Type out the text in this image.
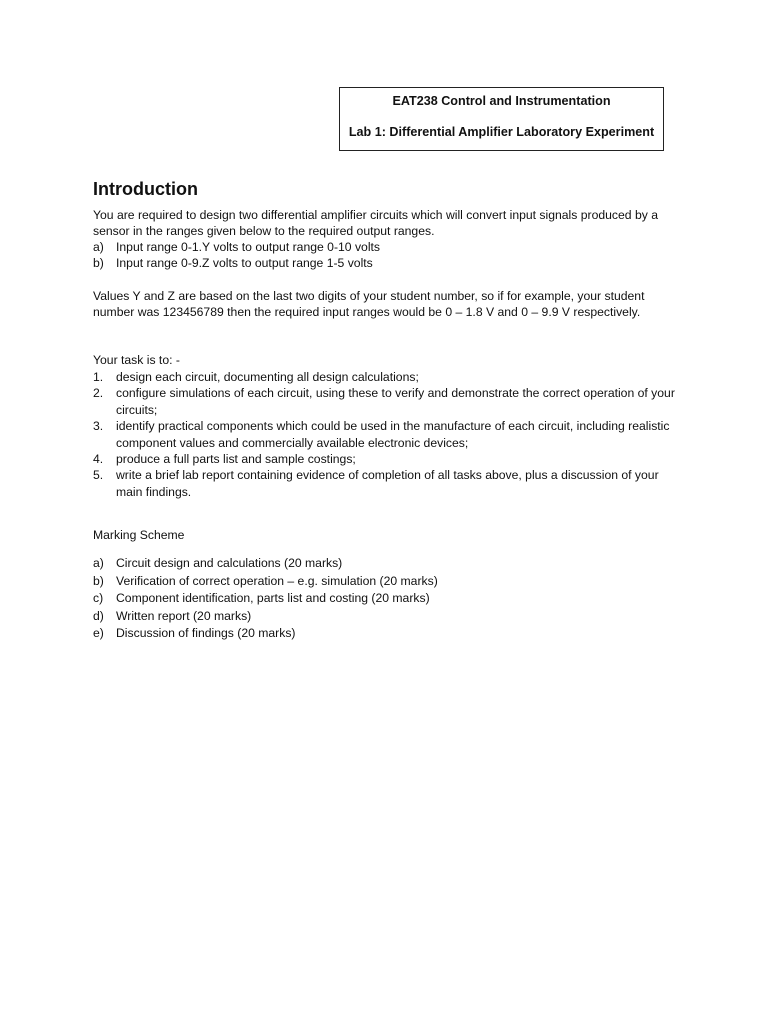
EAT238 Control and Instrumentation
Lab 1: Differential Amplifier Laboratory Experiment
Introduction

You are required to design two differential amplifier circuits which will convert input signals produced by a sensor in the ranges given below to the required output ranges.

a) Input range 0-1.Y volts to output range 0-10 volts
b) Input range 0-9.Z volts to output range 1-5 volts

Values Y and Z are based on the last two digits of your student number, so if for example, your student number was 123456789 then the required input ranges would be 0 – 1.8 V and 0 – 9.9 V respectively.

Your task is to: -

1. design each circuit, documenting all design calculations;
2. configure simulations of each circuit, using these to verify and demonstrate the correct operation of your circuits;
3. identify practical components which could be used in the manufacture of each circuit, including realistic component values and commercially available electronic devices;
4. produce a full parts list and sample costings;
5. write a brief lab report containing evidence of completion of all tasks above, plus a discussion of your main findings.
Marking Scheme
a) Circuit design and calculations (20 marks)
b) Verification of correct operation – e.g. simulation (20 marks)
c) Component identification, parts list and costing (20 marks)
d) Written report (20 marks)
e) Discussion of findings (20 marks)
